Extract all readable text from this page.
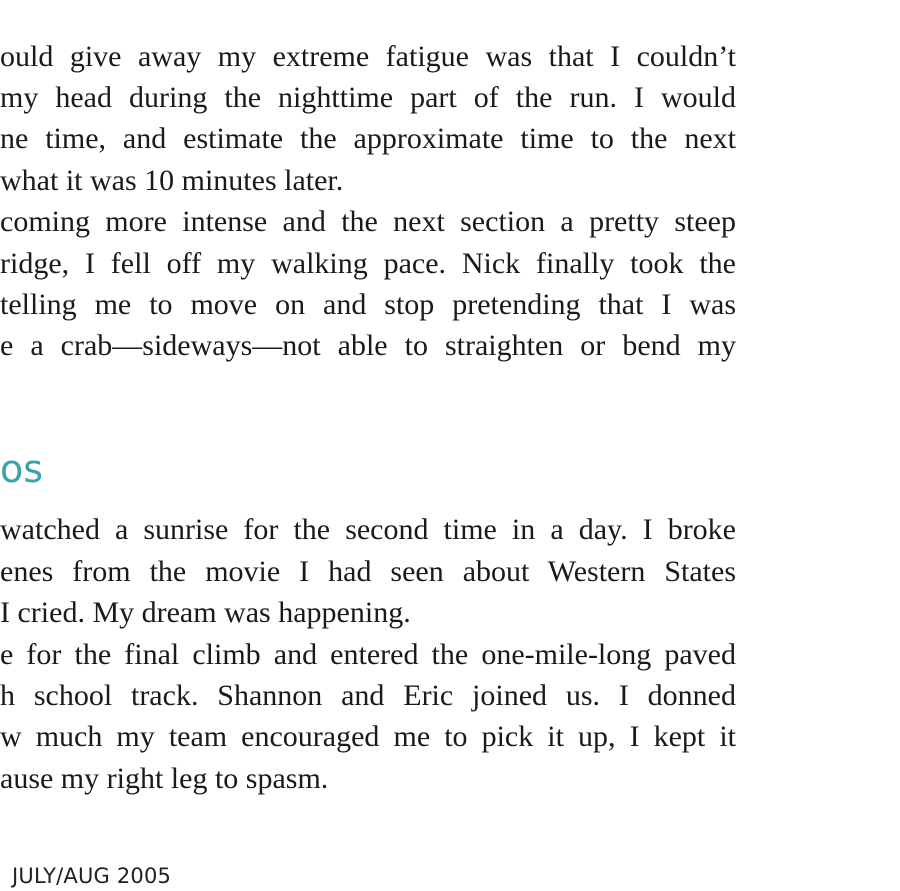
ould give away my extreme fatigue was that I couldn’t
my head during the nighttime part of the run. I would
ne time, and estimate the approximate time to the next
what it was 10 minutes later.
coming more intense and the next section a pretty steep
ridge, I fell off my walking pace. Nick finally took the
telling me to move on and stop pretending that I was
e a crab—sideways—not able to straighten or bend my
os
watched a sunrise for the second time in a day. I broke
enes from the movie I had seen about Western States
I cried. My dream was happening.
e for the final climb and entered the one-mile-long paved
h school track. Shannon and Eric joined us. I donned
w much my team encouraged me to pick it up, I kept it
ause my right leg to spasm.
JULY/AUG 2005
